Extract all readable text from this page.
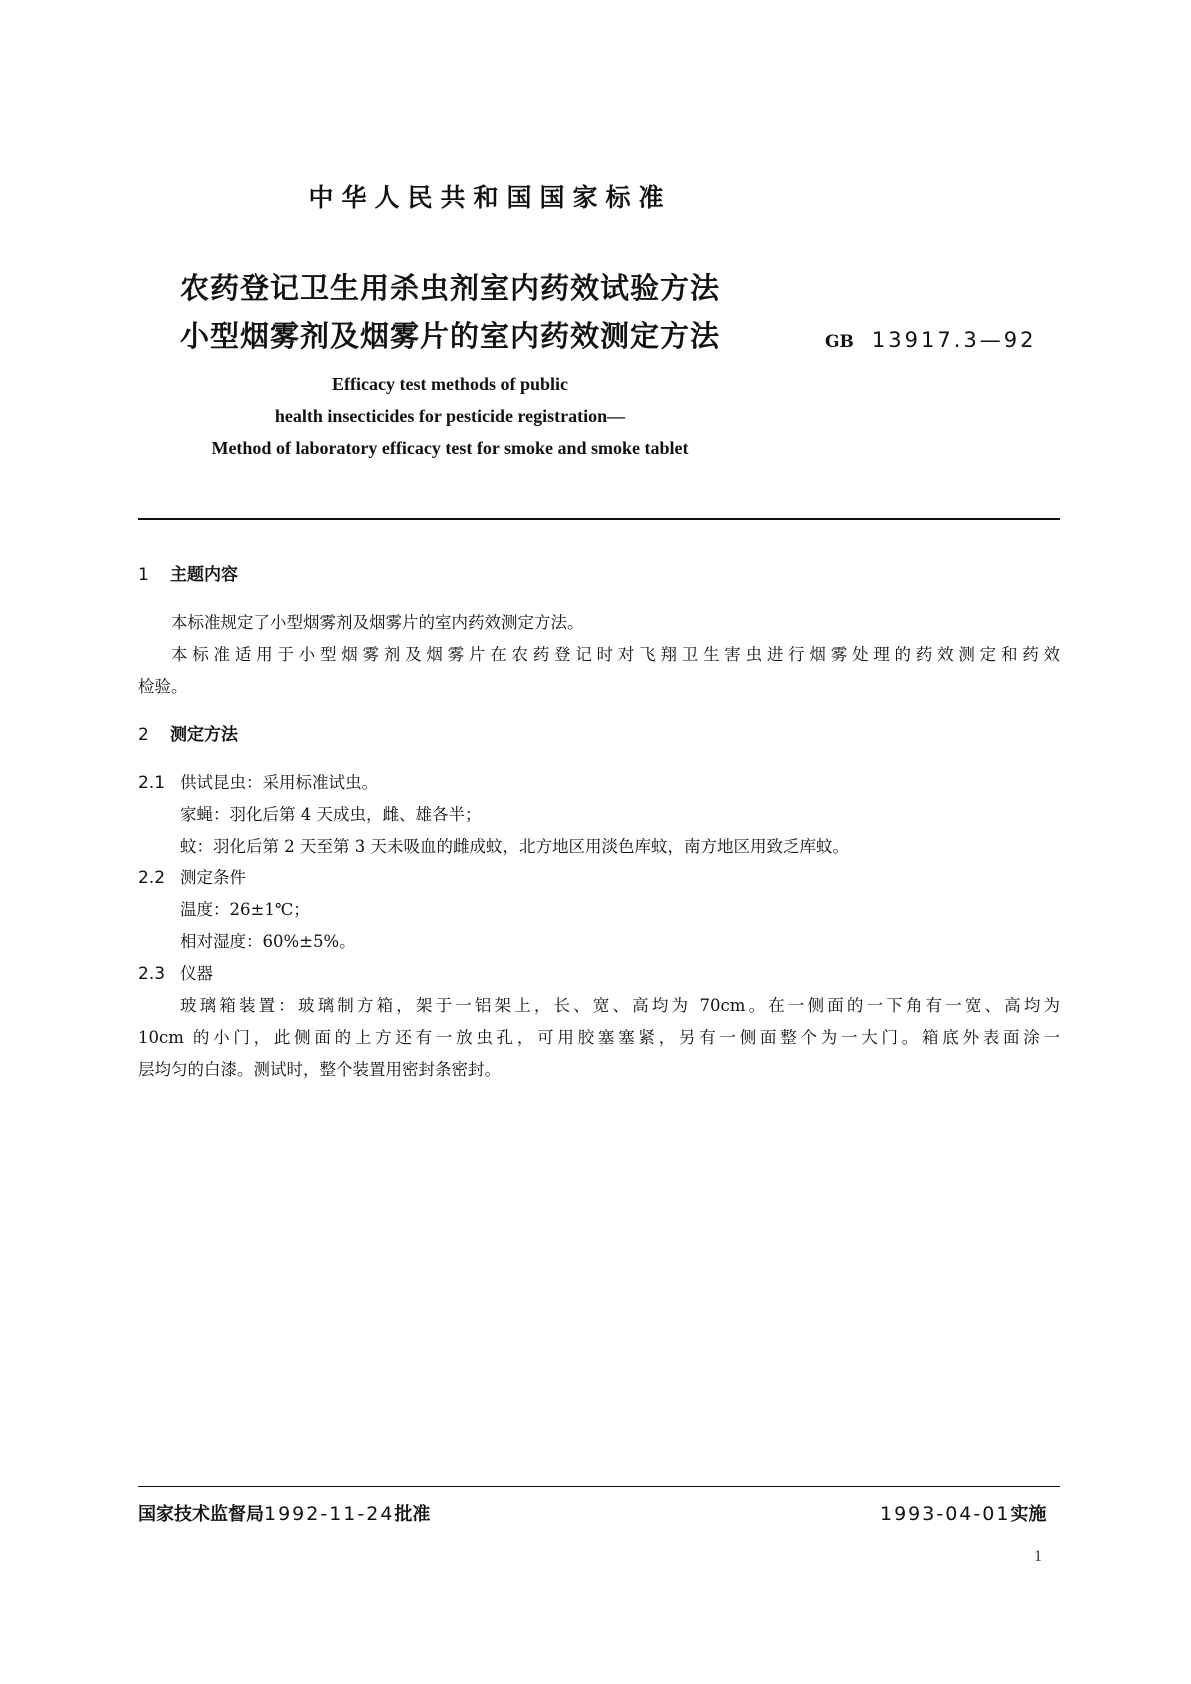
中华人民共和国国家标准
农药登记卫生用杀虫剂室内药效试验方法
小型烟雾剂及烟雾片的室内药效测定方法	GB 13917.3—92
Efficacy test methods of public
health insecticides for pesticide registration—
Method of laboratory efficacy test for smoke and smoke tablet
1 主题内容
本标准规定了小型烟雾剂及烟雾片的室内药效测定方法。
本标准适用于小型烟雾剂及烟雾片在农药登记时对飞翔卫生害虫进行烟雾处理的药效测定和药效
检验。
2 测定方法
2.1 供试昆虫：采用标准试虫。
家蝇：羽化后第 4 天成虫，雌、雄各半；
蚊：羽化后第 2 天至第 3 天未吸血的雌成蚊，北方地区用淡色库蚊，南方地区用致乏库蚊。
2.2 测定条件
温度：26±1℃；
相对湿度：60%±5%。
2.3 仪器
玻璃箱装置：玻璃制方箱，架于一铝架上，长、宽、高均为 70cm。在一侧面的一下角有一宽、高均为
10cm 的小门，此侧面的上方还有一放虫孔，可用胶塞塞紧，另有一侧面整个为一大门。箱底外表面涂一
层均匀的白漆。测试时，整个装置用密封条密封。
国家技术监督局1992-11-24批准	1993-04-01实施
1
